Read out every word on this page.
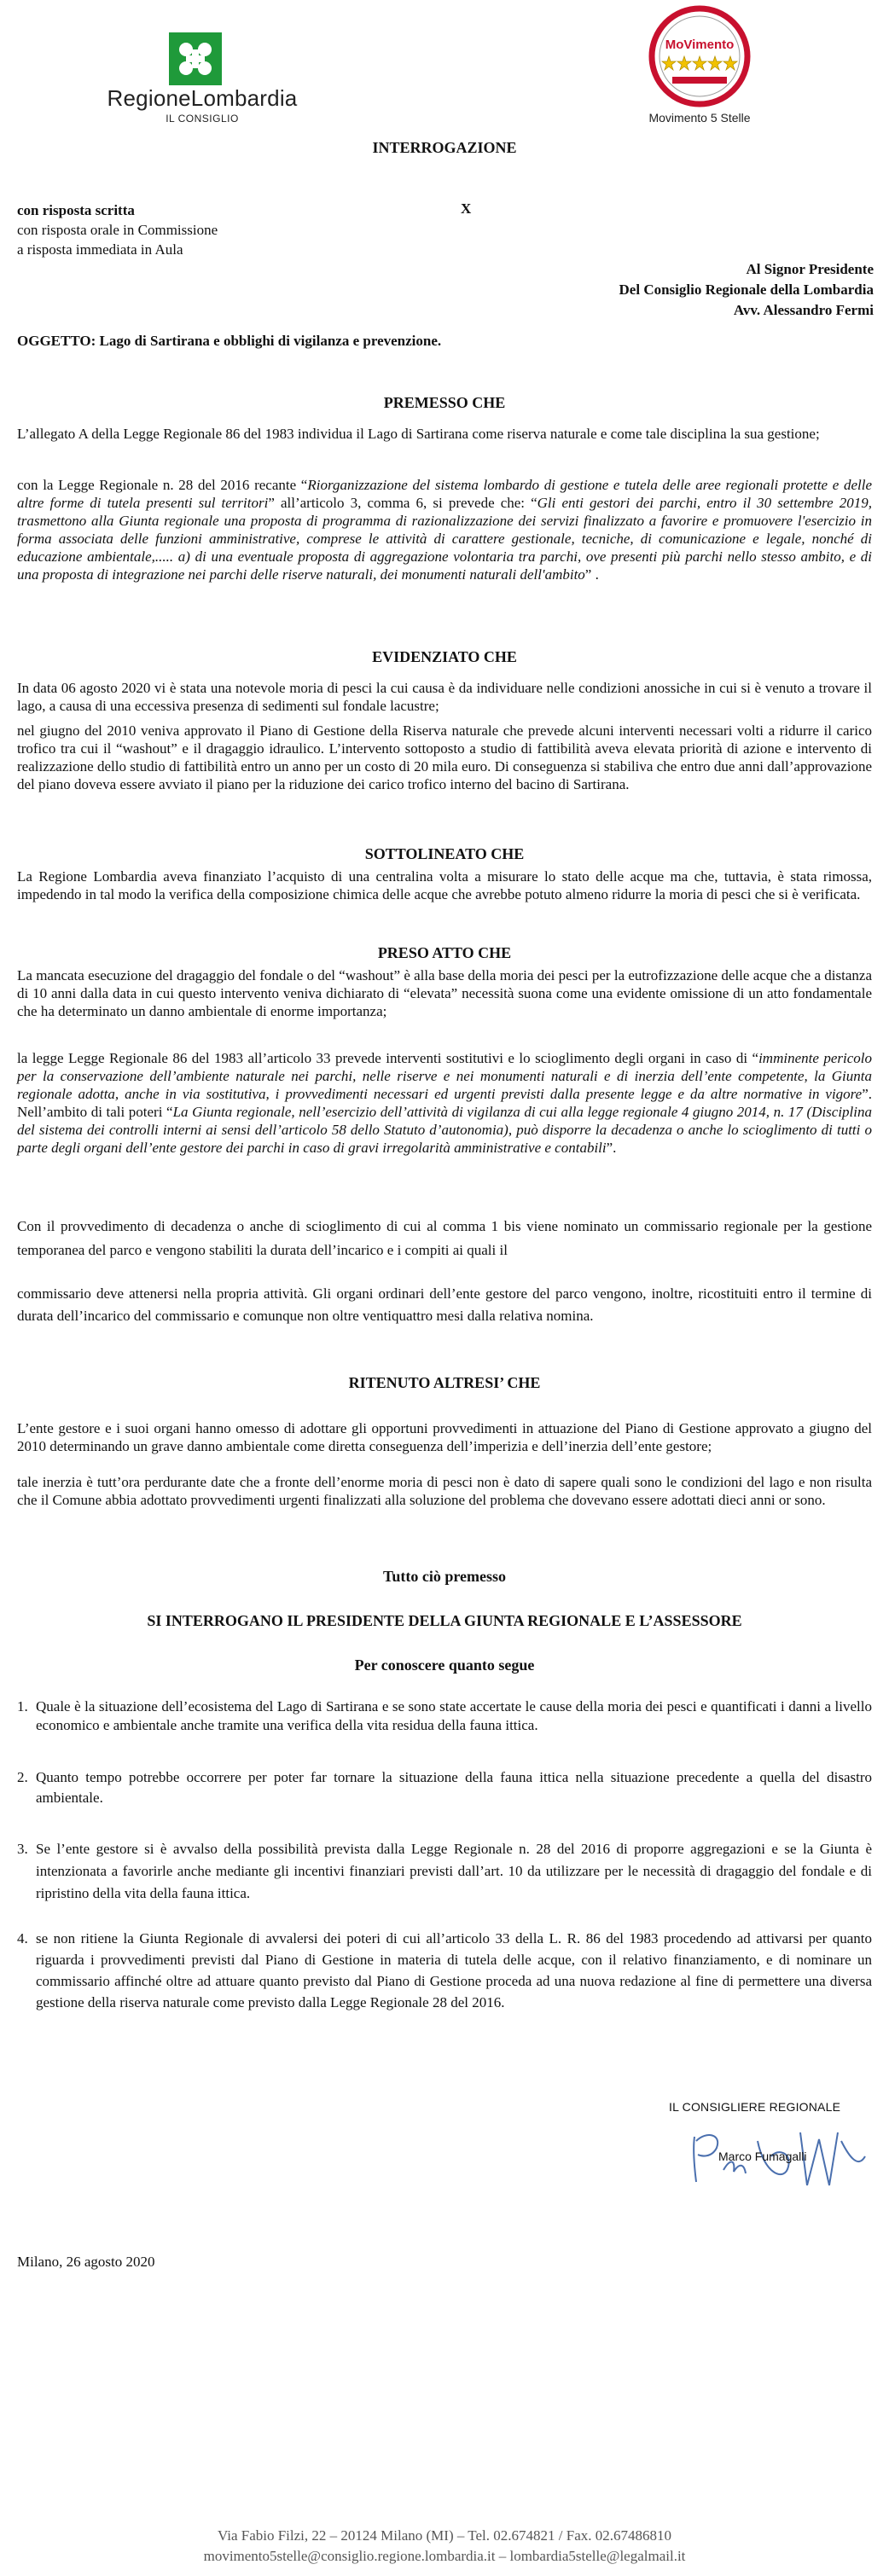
RegioneLombardia
IL CONSIGLIO
MoVimento
Movimento 5 Stelle
INTERROGAZIONE
con risposta scritta	X
con risposta orale in Commissione
a risposta immediata in Aula
Al Signor Presidente
Del Consiglio Regionale della Lombardia
Avv. Alessandro Fermi
OGGETTO: Lago di Sartirana e obblighi di vigilanza e prevenzione.
PREMESSO CHE
L’allegato A della Legge Regionale 86 del 1983 individua il Lago di Sartirana come riserva naturale e come tale disciplina la sua gestione;
con la Legge Regionale n. 28 del 2016 recante “Riorganizzazione del sistema lombardo di gestione e tutela delle aree regionali protette e delle altre forme di tutela presenti sul territori” all’articolo 3, comma 6, si prevede che: “Gli enti gestori dei parchi, entro il 30 settembre 2019, trasmettono alla Giunta regionale una proposta di programma di razionalizzazione dei servizi finalizzato a favorire e promuovere l'esercizio in forma associata delle funzioni amministrative, comprese le attività di carattere gestionale, tecniche, di comunicazione e legale, nonché di educazione ambientale,..... a) di una eventuale proposta di aggregazione volontaria tra parchi, ove presenti più parchi nello stesso ambito, e di una proposta di integrazione nei parchi delle riserve naturali, dei monumenti naturali dell'ambito” .
EVIDENZIATO CHE
In data 06 agosto 2020 vi è stata una notevole moria di pesci la cui causa è da individuare nelle condizioni anossiche in cui si è venuto a trovare il lago, a causa di una eccessiva presenza di sedimenti sul fondale lacustre;
nel giugno del 2010 veniva approvato il Piano di Gestione della Riserva naturale che prevede alcuni interventi necessari volti a ridurre il carico trofico tra cui il “washout” e il dragaggio idraulico. L’intervento sottoposto a studio di fattibilità aveva elevata priorità di azione e intervento di realizzazione dello studio di fattibilità entro un anno per un costo di 20 mila euro. Di conseguenza si stabiliva che entro due anni dall’approvazione del piano doveva essere avviato il piano per la riduzione dei carico trofico interno del bacino di Sartirana.
SOTTOLINEATO CHE
La Regione Lombardia aveva finanziato l’acquisto di una centralina volta a misurare lo stato delle acque ma che, tuttavia, è stata rimossa, impedendo in tal modo la verifica della composizione chimica delle acque che avrebbe potuto almeno ridurre la moria di pesci che si è verificata.
PRESO ATTO CHE
La mancata esecuzione del dragaggio del fondale o del “washout” è alla base della moria dei pesci per la eutrofizzazione delle acque che a distanza di 10 anni dalla data in cui questo intervento veniva dichiarato di “elevata” necessità suona come una evidente omissione di un atto fondamentale che ha determinato un danno ambientale di enorme importanza;
la legge Legge Regionale 86 del 1983 all’articolo 33 prevede interventi sostitutivi e lo scioglimento degli organi in caso di “imminente pericolo per la conservazione dell’ambiente naturale nei parchi, nelle riserve e nei monumenti naturali e di inerzia dell’ente competente, la Giunta regionale adotta, anche in via sostitutiva, i provvedimenti necessari ed urgenti previsti dalla presente legge e da altre normative in vigore”. Nell’ambito di tali poteri “La Giunta regionale, nell’esercizio dell’attività di vigilanza di cui alla legge regionale 4 giugno 2014, n. 17 (Disciplina del sistema dei controlli interni ai sensi dell’articolo 58 dello Statuto d’autonomia), può disporre la decadenza o anche lo scioglimento di tutti o parte degli organi dell’ente gestore dei parchi in caso di gravi irregolarità amministrative e contabili”.
Con il provvedimento di decadenza o anche di scioglimento di cui al comma 1 bis viene nominato un commissario regionale per la gestione temporanea del parco e vengono stabiliti la durata dell’incarico e i compiti ai quali il
commissario deve attenersi nella propria attività. Gli organi ordinari dell’ente gestore del parco vengono, inoltre, ricostituiti entro il termine di durata dell’incarico del commissario e comunque non oltre ventiquattro mesi dalla relativa nomina.
RITENUTO ALTRESI’ CHE
L’ente gestore e i suoi organi hanno omesso di adottare gli opportuni provvedimenti in attuazione del Piano di Gestione approvato a giugno del 2010 determinando un grave danno ambientale come diretta conseguenza dell’imperizia e dell’inerzia dell’ente gestore;
tale inerzia è tutt’ora perdurante date che a fronte dell’enorme moria di pesci non è dato di sapere quali sono le condizioni del lago e non risulta che il Comune abbia adottato provvedimenti urgenti finalizzati alla soluzione del problema che dovevano essere adottati dieci anni or sono.
Tutto ciò premesso
SI INTERROGANO IL PRESIDENTE DELLA GIUNTA REGIONALE E L’ASSESSORE
Per conoscere quanto segue
1. Quale è la situazione dell’ecosistema del Lago di Sartirana e se sono state accertate le cause della moria dei pesci e quantificati i danni a livello economico e ambientale anche tramite una verifica della vita residua della fauna ittica.
2. Quanto tempo potrebbe occorrere per poter far tornare la situazione della fauna ittica nella situazione precedente a quella del disastro ambientale.
3. Se l’ente gestore si è avvalso della possibilità prevista dalla Legge Regionale n. 28 del 2016 di proporre aggregazioni e se la Giunta è intenzionata a favorirle anche mediante gli incentivi finanziari previsti dall’art. 10 da utilizzare per le necessità di dragaggio del fondale e di ripristino della vita della fauna ittica.
4. se non ritiene la Giunta Regionale di avvalersi dei poteri di cui all’articolo 33 della L. R. 86 del 1983 procedendo ad attivarsi per quanto riguarda i provvedimenti previsti dal Piano di Gestione in materia di tutela delle acque, con il relativo finanziamento, e di nominare un commissario affinché oltre ad attuare quanto previsto dal Piano di Gestione proceda ad una nuova redazione al fine di permettere una diversa gestione della riserva naturale come previsto dalla Legge Regionale 28 del 2016.
IL CONSIGLIERE REGIONALE
Marco Fumagalli
Milano, 26 agosto 2020
Via Fabio Filzi, 22 – 20124 Milano (MI) – Tel. 02.674821 / Fax. 02.67486810
movimento5stelle@consiglio.regione.lombardia.it – lombardia5stelle@legalmail.it
